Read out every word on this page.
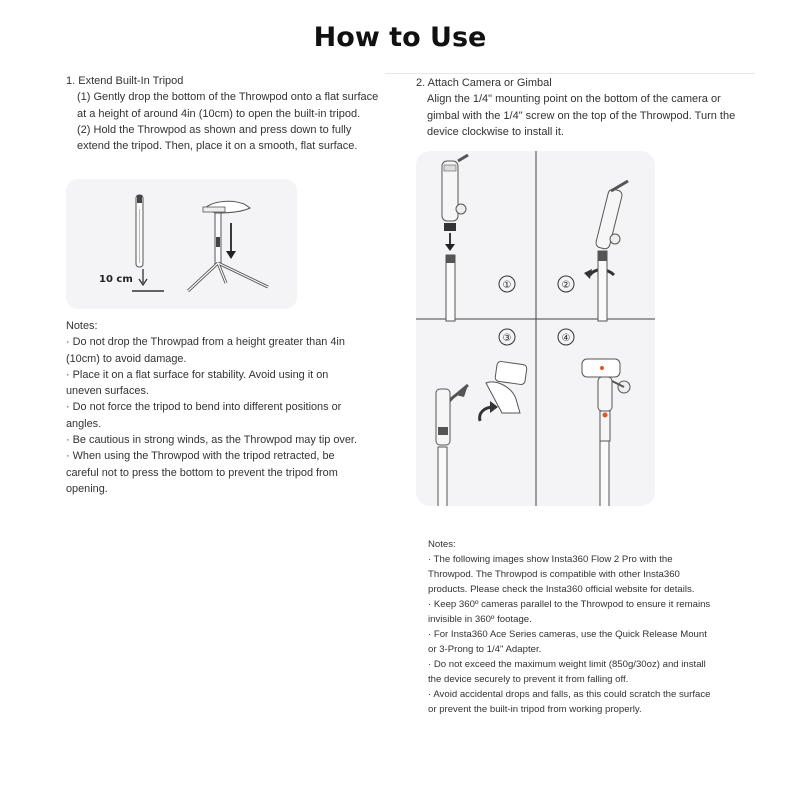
How to Use

1. Extend Built-In Tripod

(1) Gently drop the bottom of the Throwpod onto a flat surface at a height of around 4in (10cm) to open the built-in tripod.

(2) Hold the Throwpod as shown and press down to fully extend the tripod. Then, place it on a smooth, flat surface.

10 cm

Notes:

· Do not drop the Throwpad from a height greater than 4in (10cm) to avoid damage.

· Place it on a flat surface for stability. Avoid using it on uneven surfaces.

· Do not force the tripod to bend into different positions or angles.

· Be cautious in strong winds, as the Throwpod may tip over.

· When using the Throwpod with the tripod retracted, be careful not to press the bottom to prevent the tripod from opening.

2. Attach Camera or Gimbal

Align the 1/4" mounting point on the bottom of the camera or gimbal with the 1/4" screw on the top of the Throwpod. Turn the device clockwise to install it.

①	②
③	④

Notes:

· The following images show Insta360 Flow 2 Pro with the Throwpod. The Throwpod is compatible with other Insta360 products. Please check the Insta360 official website for details.

· Keep 360º cameras parallel to the Throwpod to ensure it remains invisible in 360º footage.

· For Insta360 Ace Series cameras, use the Quick Release Mount or 3-Prong to 1/4" Adapter.

· Do not exceed the maximum weight limit (850g/30oz) and install the device securely to prevent it from falling off.

· Avoid accidental drops and falls, as this could scratch the surface or prevent the built-in tripod from working properly.
